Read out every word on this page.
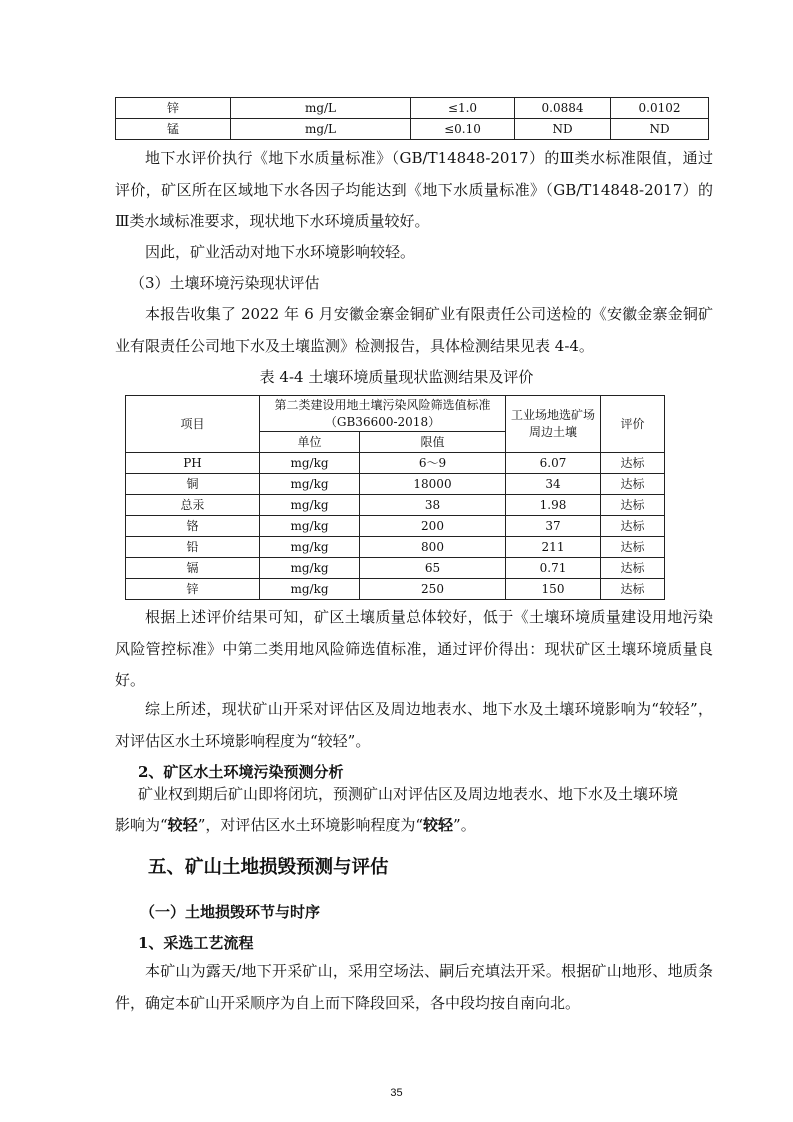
锌	mg/L	≤1.0	0.0884	0.0102
锰	mg/L	≤0.10	ND	ND

地下水评价执行《地下水质量标准》（GB/T14848-2017）的Ⅲ类水标准限值，通过评价，矿区所在区域地下水各因子均能达到《地下水质量标准》（GB/T14848-2017）的Ⅲ类水域标准要求，现状地下水环境质量较好。

因此，矿业活动对地下水环境影响较轻。

（3）土壤环境污染现状评估

本报告收集了 2022 年 6 月安徽金寨金铜矿业有限责任公司送检的《安徽金寨金铜矿业有限责任公司地下水及土壤监测》检测报告，具体检测结果见表 4-4。

表 4-4 土壤环境质量现状监测结果及评价

项目	第二类建设用地土壤污染风险筛选值标准（GB36600-2018）		工业场地选矿场周边土壤	评价
	单位	限值		
PH	mg/kg	6～9	6.07	达标
铜	mg/kg	18000	34	达标
总汞	mg/kg	38	1.98	达标
铬	mg/kg	200	37	达标
铅	mg/kg	800	211	达标
镉	mg/kg	65	0.71	达标
锌	mg/kg	250	150	达标

根据上述评价结果可知，矿区土壤质量总体较好，低于《土壤环境质量建设用地污染风险管控标准》中第二类用地风险筛选值标准，通过评价得出：现状矿区土壤环境质量良好。

综上所述，现状矿山开采对评估区及周边地表水、地下水及土壤环境影响为“较轻”，对评估区水土环境影响程度为“较轻”。

2、矿区水土环境污染预测分析

矿业权到期后矿山即将闭坑，预测矿山对评估区及周边地表水、地下水及土壤环境

影响为“较轻”，对评估区水土环境影响程度为“较轻”。

五、矿山土地损毁预测与评估
（一）土地损毁环节与时序
1、采选工艺流程

本矿山为露天/地下开采矿山，采用空场法、嗣后充填法开采。根据矿山地形、地质条件，确定本矿山开采顺序为自上而下降段回采，各中段均按自南向北。

35
